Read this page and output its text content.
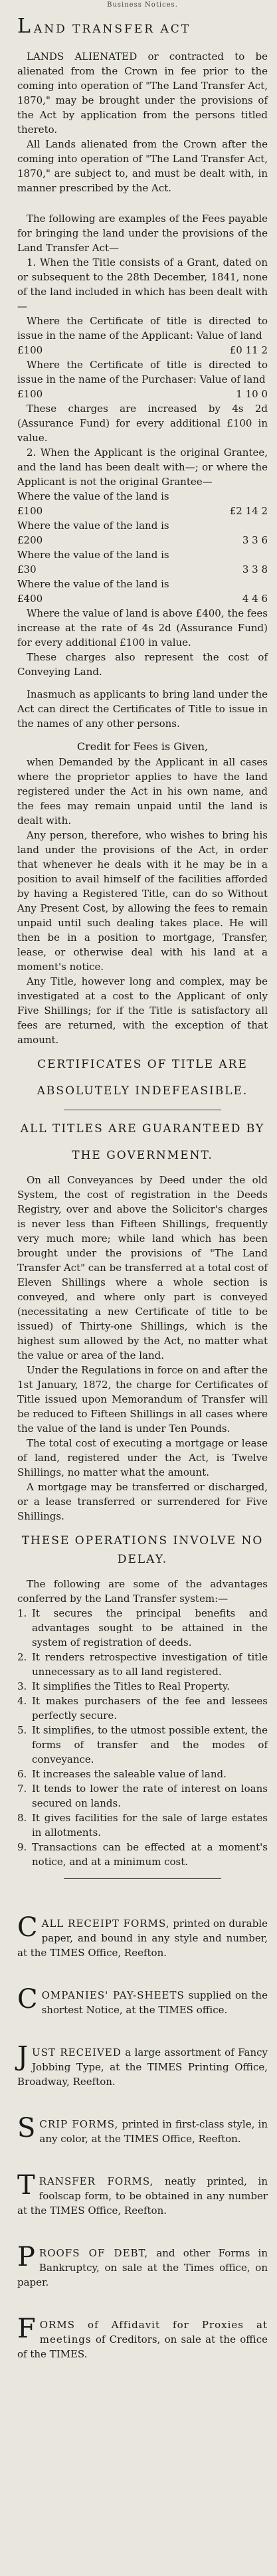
Business Notices.
LAND TRANSFER ACT

LANDS ALIENATED or contracted to be alienated from the Crown in fee prior to the coming into operation of "The Land Transfer Act, 1870," may be brought under the provisions of the Act by application from the persons titled thereto.

All Lands alienated from the Crown after the coming into operation of "The Land Transfer Act, 1870," are subject to, and must be dealt with, in manner prescribed by the Act.

The following are examples of the Fees payable for bringing the land under the provisions of the Land Transfer Act—

1. When the Title consists of a Grant, dated on or subsequent to the 28th December, 1841, none of the land included in which has been dealt with—

Where the Certificate of title is directed to issue in the name of the Applicant: Value of land

£100	£0 11 2

Where the Certificate of title is directed to issue in the name of the Purchaser: Value of land

£100	1 10 0

These charges are increased by 4s 2d (Assurance Fund) for every additional £100 in value.

2. When the Applicant is the original Grantee, and the land has been dealt with—; or where the Applicant is not the original Grantee—

Where the value of the land is
£100	£2 14 2
Where the value of the land is
£200	3 3 6
Where the value of the land is
£30	3 3 8
Where the value of the land is
£400	4 4 6

Where the value of land is above £400, the fees increase at the rate of 4s 2d (Assurance Fund) for every additional £100 in value.

These charges also represent the cost of Conveying Land.

Inasmuch as applicants to bring land under the Act can direct the Certificates of Title to issue in the names of any other persons.

Credit for Fees is Given,

when Demanded by the Applicant in all cases where the proprietor applies to have the land registered under the Act in his own name, and the fees may remain unpaid until the land is dealt with.

Any person, therefore, who wishes to bring his land under the provisions of the Act, in order that whenever he deals with it he may be in a position to avail himself of the facilities afforded by having a Registered Title, can do so Without Any Present Cost, by allowing the fees to remain unpaid until such dealing takes place. He will then be in a position to mortgage, Transfer, lease, or otherwise deal with his land at a moment's notice.

Any Title, however long and complex, may be investigated at a cost to the Applicant of only Five Shillings; for if the Title is satisfactory all fees are returned, with the exception of that amount.

CERTIFICATES OF TITLE ARE
ABSOLUTELY INDEFEASIBLE.
ALL TITLES ARE GUARANTEED BY
THE GOVERNMENT.

On all Conveyances by Deed under the old System, the cost of registration in the Deeds Registry, over and above the Solicitor's charges is never less than Fifteen Shillings, frequently very much more; while land which has been brought under the provisions of "The Land Transfer Act" can be transferred at a total cost of Eleven Shillings where a whole section is conveyed, and where only part is conveyed (necessitating a new Certificate of title to be issued) of Thirty-one Shillings, which is the highest sum allowed by the Act, no matter what the value or area of the land.

Under the Regulations in force on and after the 1st January, 1872, the charge for Certificates of Title issued upon Memorandum of Transfer will be reduced to Fifteen Shillings in all cases where the value of the land is under Ten Pounds.

The total cost of executing a mortgage or lease of land, registered under the Act, is Twelve Shillings, no matter what the amount.

A mortgage may be transferred or discharged, or a lease transferred or surrendered for Five Shillings.

THESE OPERATIONS INVOLVE NO
DELAY.

The following are some of the advantages conferred by the Land Transfer system:—

1. It secures the principal benefits and advantages sought to be attained in the system of registration of deeds.

2. It renders retrospective investigation of title unnecessary as to all land registered.

3. It simplifies the Titles to Real Property.

4. It makes purchasers of the fee and lessees perfectly secure.

5. It simplifies, to the utmost possible extent, the forms of transfer and the modes of conveyance.

6. It increases the saleable value of land.

7. It tends to lower the rate of interest on loans secured on lands.

8. It gives facilities for the sale of large estates in allotments.

9. Transactions can be effected at a moment's notice, and at a minimum cost.

CALL RECEIPT FORMS, printed on durable paper, and bound in any style and number, at the TIMES Office, Reefton.

COMPANIES' PAY-SHEETS supplied on the shortest Notice, at the TIMES office.

JUST RECEIVED a large assortment of Fancy Jobbing Type, at the TIMES Printing Office, Broadway, Reefton.

SCRIP FORMS, printed in first-class style, in any color, at the TIMES Office, Reefton.

TRANSFER FORMS, neatly printed, in foolscap form, to be obtained in any number at the TIMES Office, Reefton.

PROOFS OF DEBT, and other Forms in Bankruptcy, on sale at the Times office, on paper.

FORMS of Affidavit for Proxies at meetings of Creditors, on sale at the office of the TIMES.
